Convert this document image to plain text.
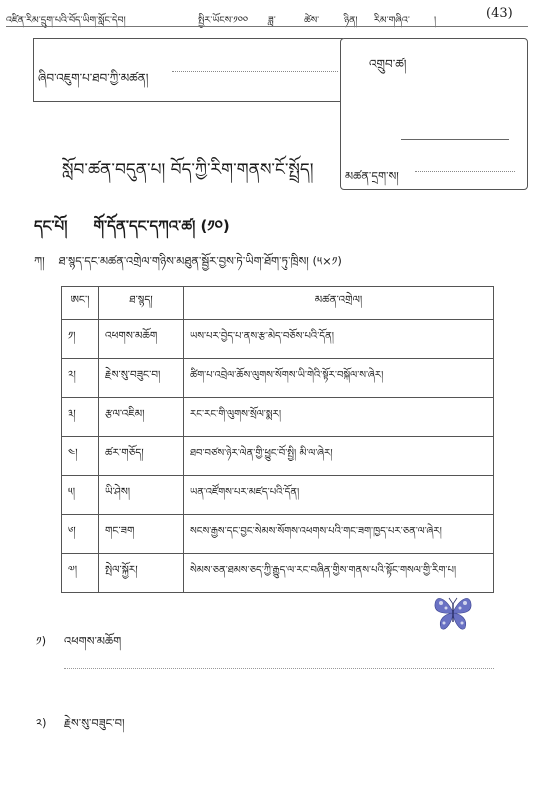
འཛིན་རིམ་དྲུག་པའི་བོད་ཡིག་སློང་དེབ།	སྤྱིར་ཡོངས་༡༠༠ ཟླ་	ཚེས་	ཉིན། རིམ་གཞིའ་	།	(43)
ཞིབ་འཇུག་པ་ཐབ་ཀྱི་མཚན།
འགྲུབ་ཚ།
མཚན་དྲག་ས།
སློབ་ཚན་བདུན་པ། བོད་ཀྱི་རིག་གནས་ངོ་སྤྲོད།
དང་པོ། གོ་དོན་དང་དཀའ་ཚ། (༡༠)
ཀ། ཐ་སྙད་དང་མཚན་འགྲེལ་གཉིས་མཐུན་སྦྱོར་བྱས་ཏེ་ཡིག་ཐོག་ཏུ་ཁྲིས། (༥×༡)
ཨང་།	ཐ་སྙད།	མཚན་འགྲེལ།
༡།	འཕགས་མཆོག	ཡས་པར་བྱེད་པ་ནས་རྩ་མེད་བཅོས་པའི་དོན།
༢།	རྗེས་སུ་བཟུང་བ།	ཚིག་པ་འབྲེལ་ཆོས་ལུགས་སོགས་ཡི་གེའི་སྟོར་བསྐོལ་ས་ཞེར།
༣།	རྩལ་འཇིམ།	རང་རང་གི་ལུགས་སྲོལ་སྨར།
༤།	ཚར་གཅོད།	ཐབ་བཙས་ཉེར་ལེན་གྱི་ཕྱུང་བོ་སྤྱི། མི་ལ་ཞེར།
༥།	ཡི་ཤེས།	ཡན་འཛོགས་པར་མཛད་པའི་དོན།
༦།	གང་ཟག	སངས་རྒྱས་དང་བྱང་སེམས་སོགས་འཕགས་པའི་གང་ཟག་ཁྱད་པར་ཅན་ལ་ཞེར།
༧།	སྤེལ་སྐྱོར།	སེམས་ཅན་ཐམས་ཅད་ཀྱི་རྒྱུད་ལ་རང་བཞིན་གྱིས་གནས་པའི་སྟོང་གསལ་གྱི་རིག་པ།
༡) འཕགས་མཆོག
༢) རྗེས་སུ་བཟུང་བ།
